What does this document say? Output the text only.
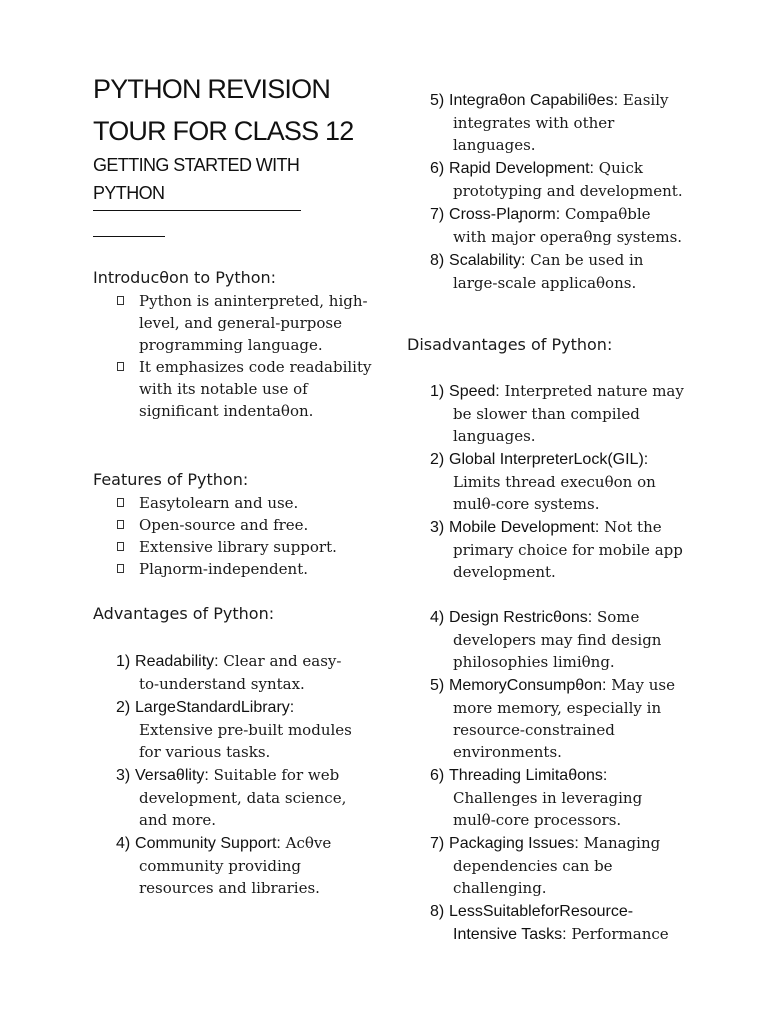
PYTHON REVISION
TOUR FOR CLASS 12
GETTING STARTED WITH
PYTHON
Introducθon to Python:
Python is aninterpreted, high-level, and general-purpose programming language.
It emphasizes code readability with its notable use of significant indentaθon.
Features of Python:
Easytolearn and use.
Open-source and free.
Extensive library support.
Plaɲorm-independent.
Advantages of Python:
1) Readability: Clear and easy-to-understand syntax.
2) LargeStandardLibrary: Extensive pre-built modules for various tasks.
3) Versaθlity: Suitable for web development, data science, and more.
4) Community Support: Acθve community providing resources and libraries.
5) Integraθon Capabiliθes: Easily integrates with other languages.
6) Rapid Development: Quick prototyping and development.
7) Cross-Plaɲorm: Compaθble with major operaθng systems.
8) Scalability: Can be used in large-scale applicaθons.
Disadvantages of Python:
1) Speed: Interpreted nature may be slower than compiled languages.
2) Global InterpreterLock(GIL): Limits thread execuθon on mulθ-core systems.
3) Mobile Development: Not the primary choice for mobile app development.
4) Design Restricθons: Some developers may find design philosophies limiθng.
5) MemoryConsumpθon: May use more memory, especially in resource-constrained environments.
6) Threading Limitaθons: Challenges in leveraging mulθ-core processors.
7) Packaging Issues: Managing dependencies can be challenging.
8) LessSuitableforResource-Intensive Tasks: Performance
